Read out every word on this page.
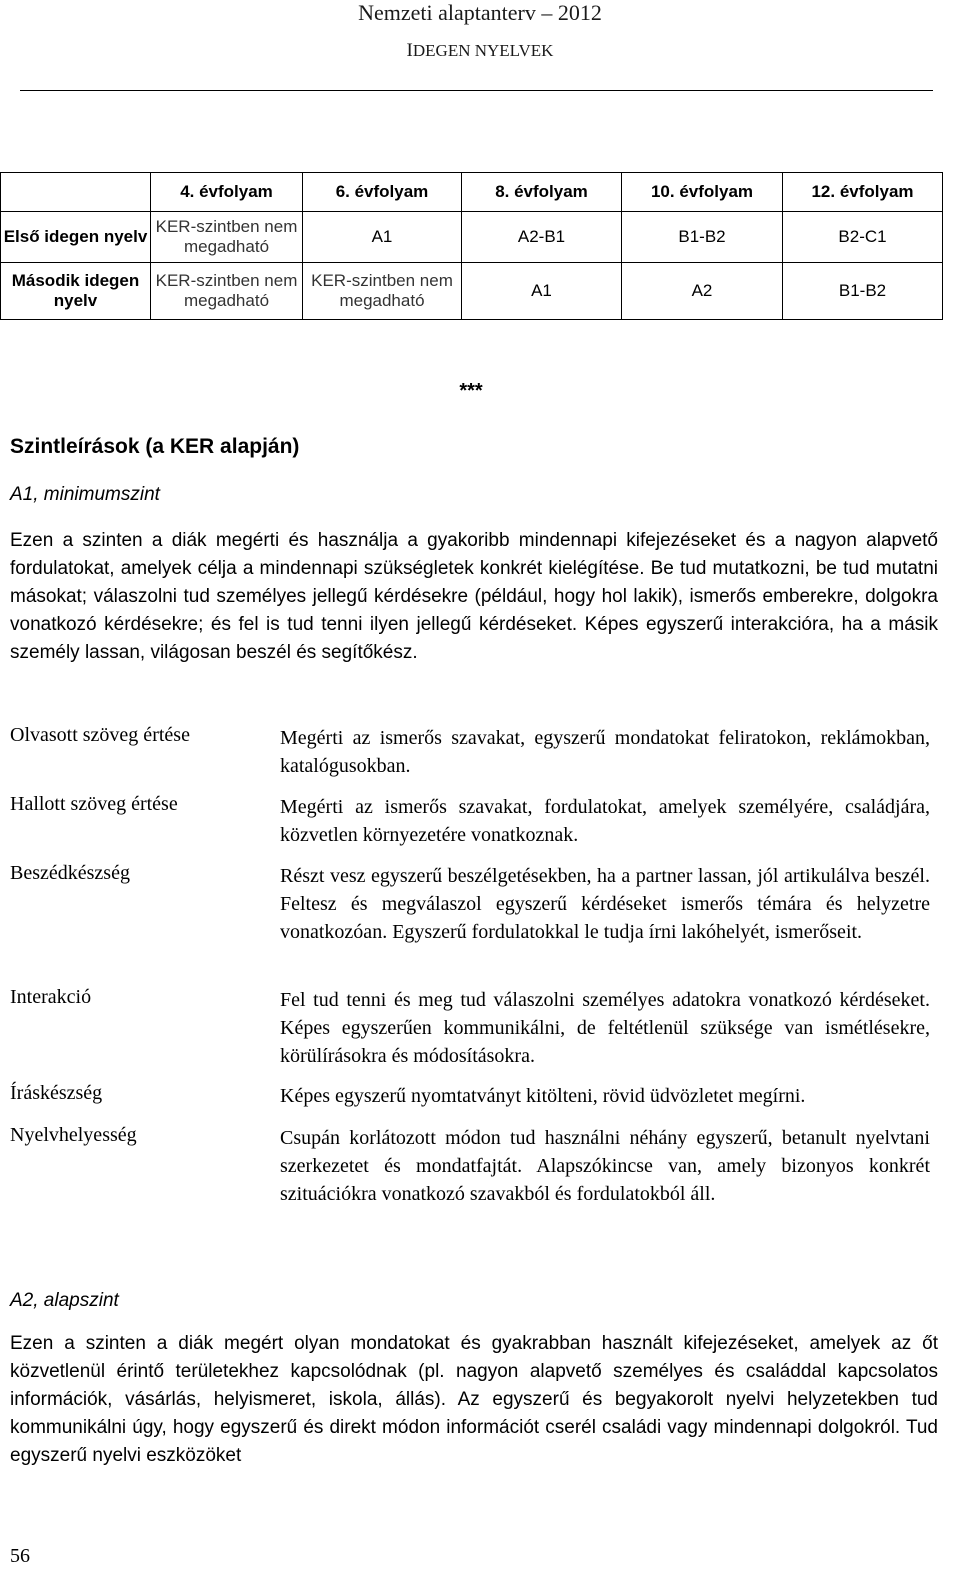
Nemzeti alaptanterv – 2012
IDEGEN NYELVEK
	4. évfolyam	6. évfolyam	8. évfolyam	10. évfolyam	12. évfolyam
Első idegen nyelv	KER-szintben nem megadható	A1	A2-B1	B1-B2	B2-C1
Második idegen nyelv	KER-szintben nem megadható	KER-szintben nem megadható	A1	A2	B1-B2
***
Szintleírások (a KER alapján)
A1, minimumszint
Ezen a szinten a diák megérti és használja a gyakoribb mindennapi kifejezéseket és a nagyon alapvető fordulatokat, amelyek célja a mindennapi szükségletek konkrét kielégítése. Be tud mutatkozni, be tud mutatni másokat; válaszolni tud személyes jellegű kérdésekre (például, hogy hol lakik), ismerős emberekre, dolgokra vonatkozó kérdésekre; és fel is tud tenni ilyen jellegű kérdéseket. Képes egyszerű interakcióra, ha a másik személy lassan, világosan beszél és segítőkész.
Olvasott szöveg értése	Megérti az ismerős szavakat, egyszerű mondatokat feliratokon, reklámokban, katalógusokban.
Hallott szöveg értése	Megérti az ismerős szavakat, fordulatokat, amelyek személyére, családjára, közvetlen környezetére vonatkoznak.
Beszédkészség	Részt vesz egyszerű beszélgetésekben, ha a partner lassan, jól artikulálva beszél. Feltesz és megválaszol egyszerű kérdéseket ismerős témára és helyzetre vonatkozóan. Egyszerű fordulatokkal le tudja írni lakóhelyét, ismerőseit.
Interakció	Fel tud tenni és meg tud válaszolni személyes adatokra vonatkozó kérdéseket. Képes egyszerűen kommunikálni, de feltétlenül szüksége van ismétlésekre, körülírásokra és módosításokra.
Íráskészség	Képes egyszerű nyomtatványt kitölteni, rövid üdvözletet megírni.
Nyelvhelyesség	Csupán korlátozott módon tud használni néhány egyszerű, betanult nyelvtani szerkezetet és mondatfajtát. Alapszókincse van, amely bizonyos konkrét szituációkra vonatkozó szavakból és fordulatokból áll.
A2, alapszint
Ezen a szinten a diák megért olyan mondatokat és gyakrabban használt kifejezéseket, amelyek az őt közvetlenül érintő területekhez kapcsolódnak (pl. nagyon alapvető személyes és családdal kapcsolatos információk, vásárlás, helyismeret, iskola, állás). Az egyszerű és begyakorolt nyelvi helyzetekben tud kommunikálni úgy, hogy egyszerű és direkt módon információt cserél családi vagy mindennapi dolgokról. Tud egyszerű nyelvi eszközöket
56
